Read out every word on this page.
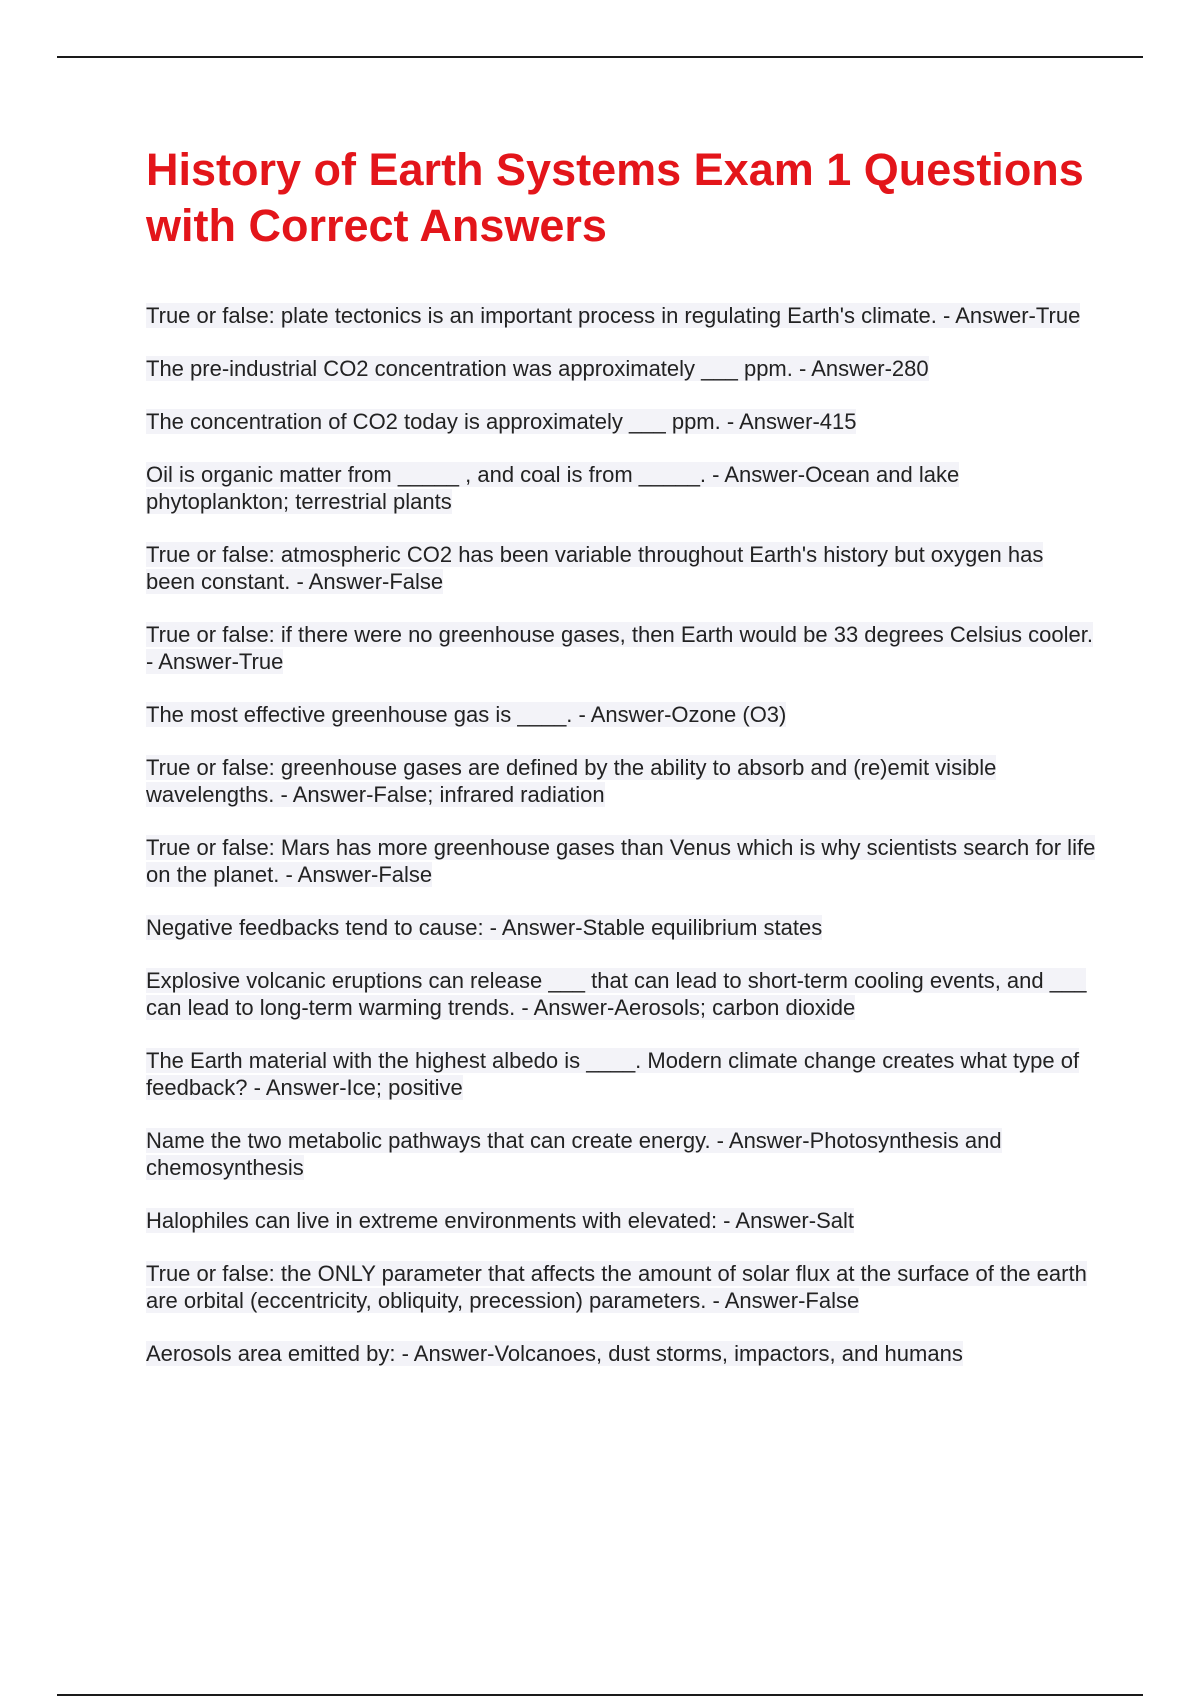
History of Earth Systems Exam 1 Questions with Correct Answers
True or false: plate tectonics is an important process in regulating Earth's climate. - Answer-True
The pre-industrial CO2 concentration was approximately ___ ppm. - Answer-280
The concentration of CO2 today is approximately ___ ppm. - Answer-415
Oil is organic matter from _____ , and coal is from _____. - Answer-Ocean and lake phytoplankton; terrestrial plants
True or false: atmospheric CO2 has been variable throughout Earth's history but oxygen has been constant. - Answer-False
True or false: if there were no greenhouse gases, then Earth would be 33 degrees Celsius cooler. - Answer-True
The most effective greenhouse gas is ____. - Answer-Ozone (O3)
True or false: greenhouse gases are defined by the ability to absorb and (re)emit visible wavelengths. - Answer-False; infrared radiation
True or false: Mars has more greenhouse gases than Venus which is why scientists search for life on the planet. - Answer-False
Negative feedbacks tend to cause: - Answer-Stable equilibrium states
Explosive volcanic eruptions can release ___ that can lead to short-term cooling events, and ___ can lead to long-term warming trends. - Answer-Aerosols; carbon dioxide
The Earth material with the highest albedo is ____. Modern climate change creates what type of feedback? - Answer-Ice; positive
Name the two metabolic pathways that can create energy. - Answer-Photosynthesis and chemosynthesis
Halophiles can live in extreme environments with elevated: - Answer-Salt
True or false: the ONLY parameter that affects the amount of solar flux at the surface of the earth are orbital (eccentricity, obliquity, precession) parameters. - Answer-False
Aerosols area emitted by: - Answer-Volcanoes, dust storms, impactors, and humans
